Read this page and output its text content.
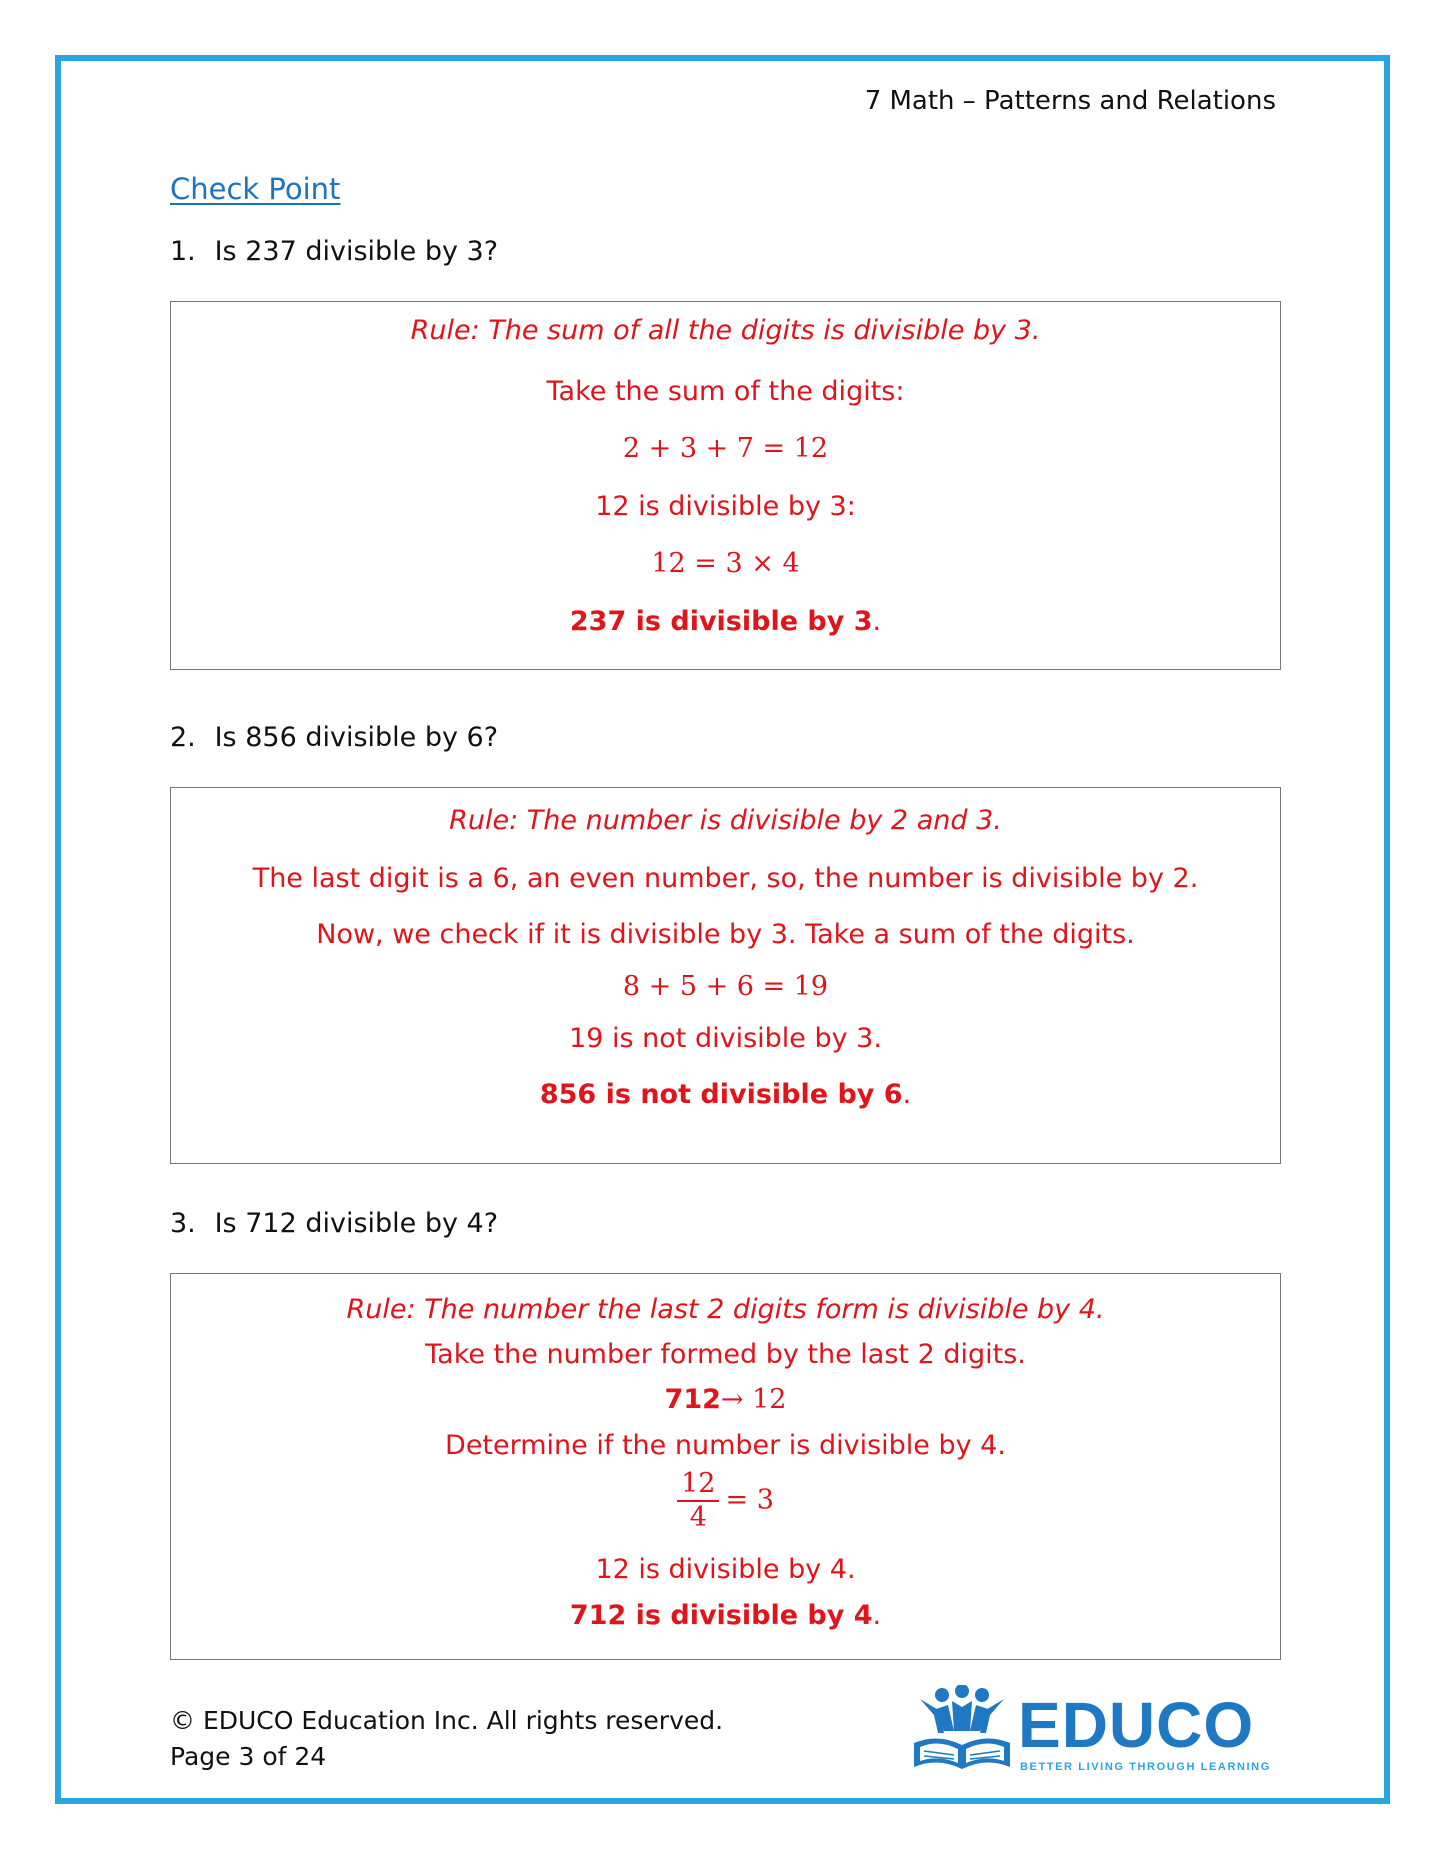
7 Math – Patterns and Relations
Check Point
1. Is 237 divisible by 3?
Rule: The sum of all the digits is divisible by 3.
Take the sum of the digits:
2 + 3 + 7 = 12
12 is divisible by 3:
12 = 3 × 4
237 is divisible by 3.
2. Is 856 divisible by 6?
Rule: The number is divisible by 2 and 3.
The last digit is a 6, an even number, so, the number is divisible by 2.
Now, we check if it is divisible by 3. Take a sum of the digits.
8 + 5 + 6 = 19
19 is not divisible by 3.
856 is not divisible by 6.
3. Is 712 divisible by 4?
Rule: The number the last 2 digits form is divisible by 4.
Take the number formed by the last 2 digits.
712→ 12
Determine if the number is divisible by 4.
$\frac{12}{4} = 3$
12 is divisible by 4.
712 is divisible by 4.
© EDUCO Education Inc. All rights reserved.
Page 3 of 24	EDUCO
BETTER LIVING THROUGH LEARNING
